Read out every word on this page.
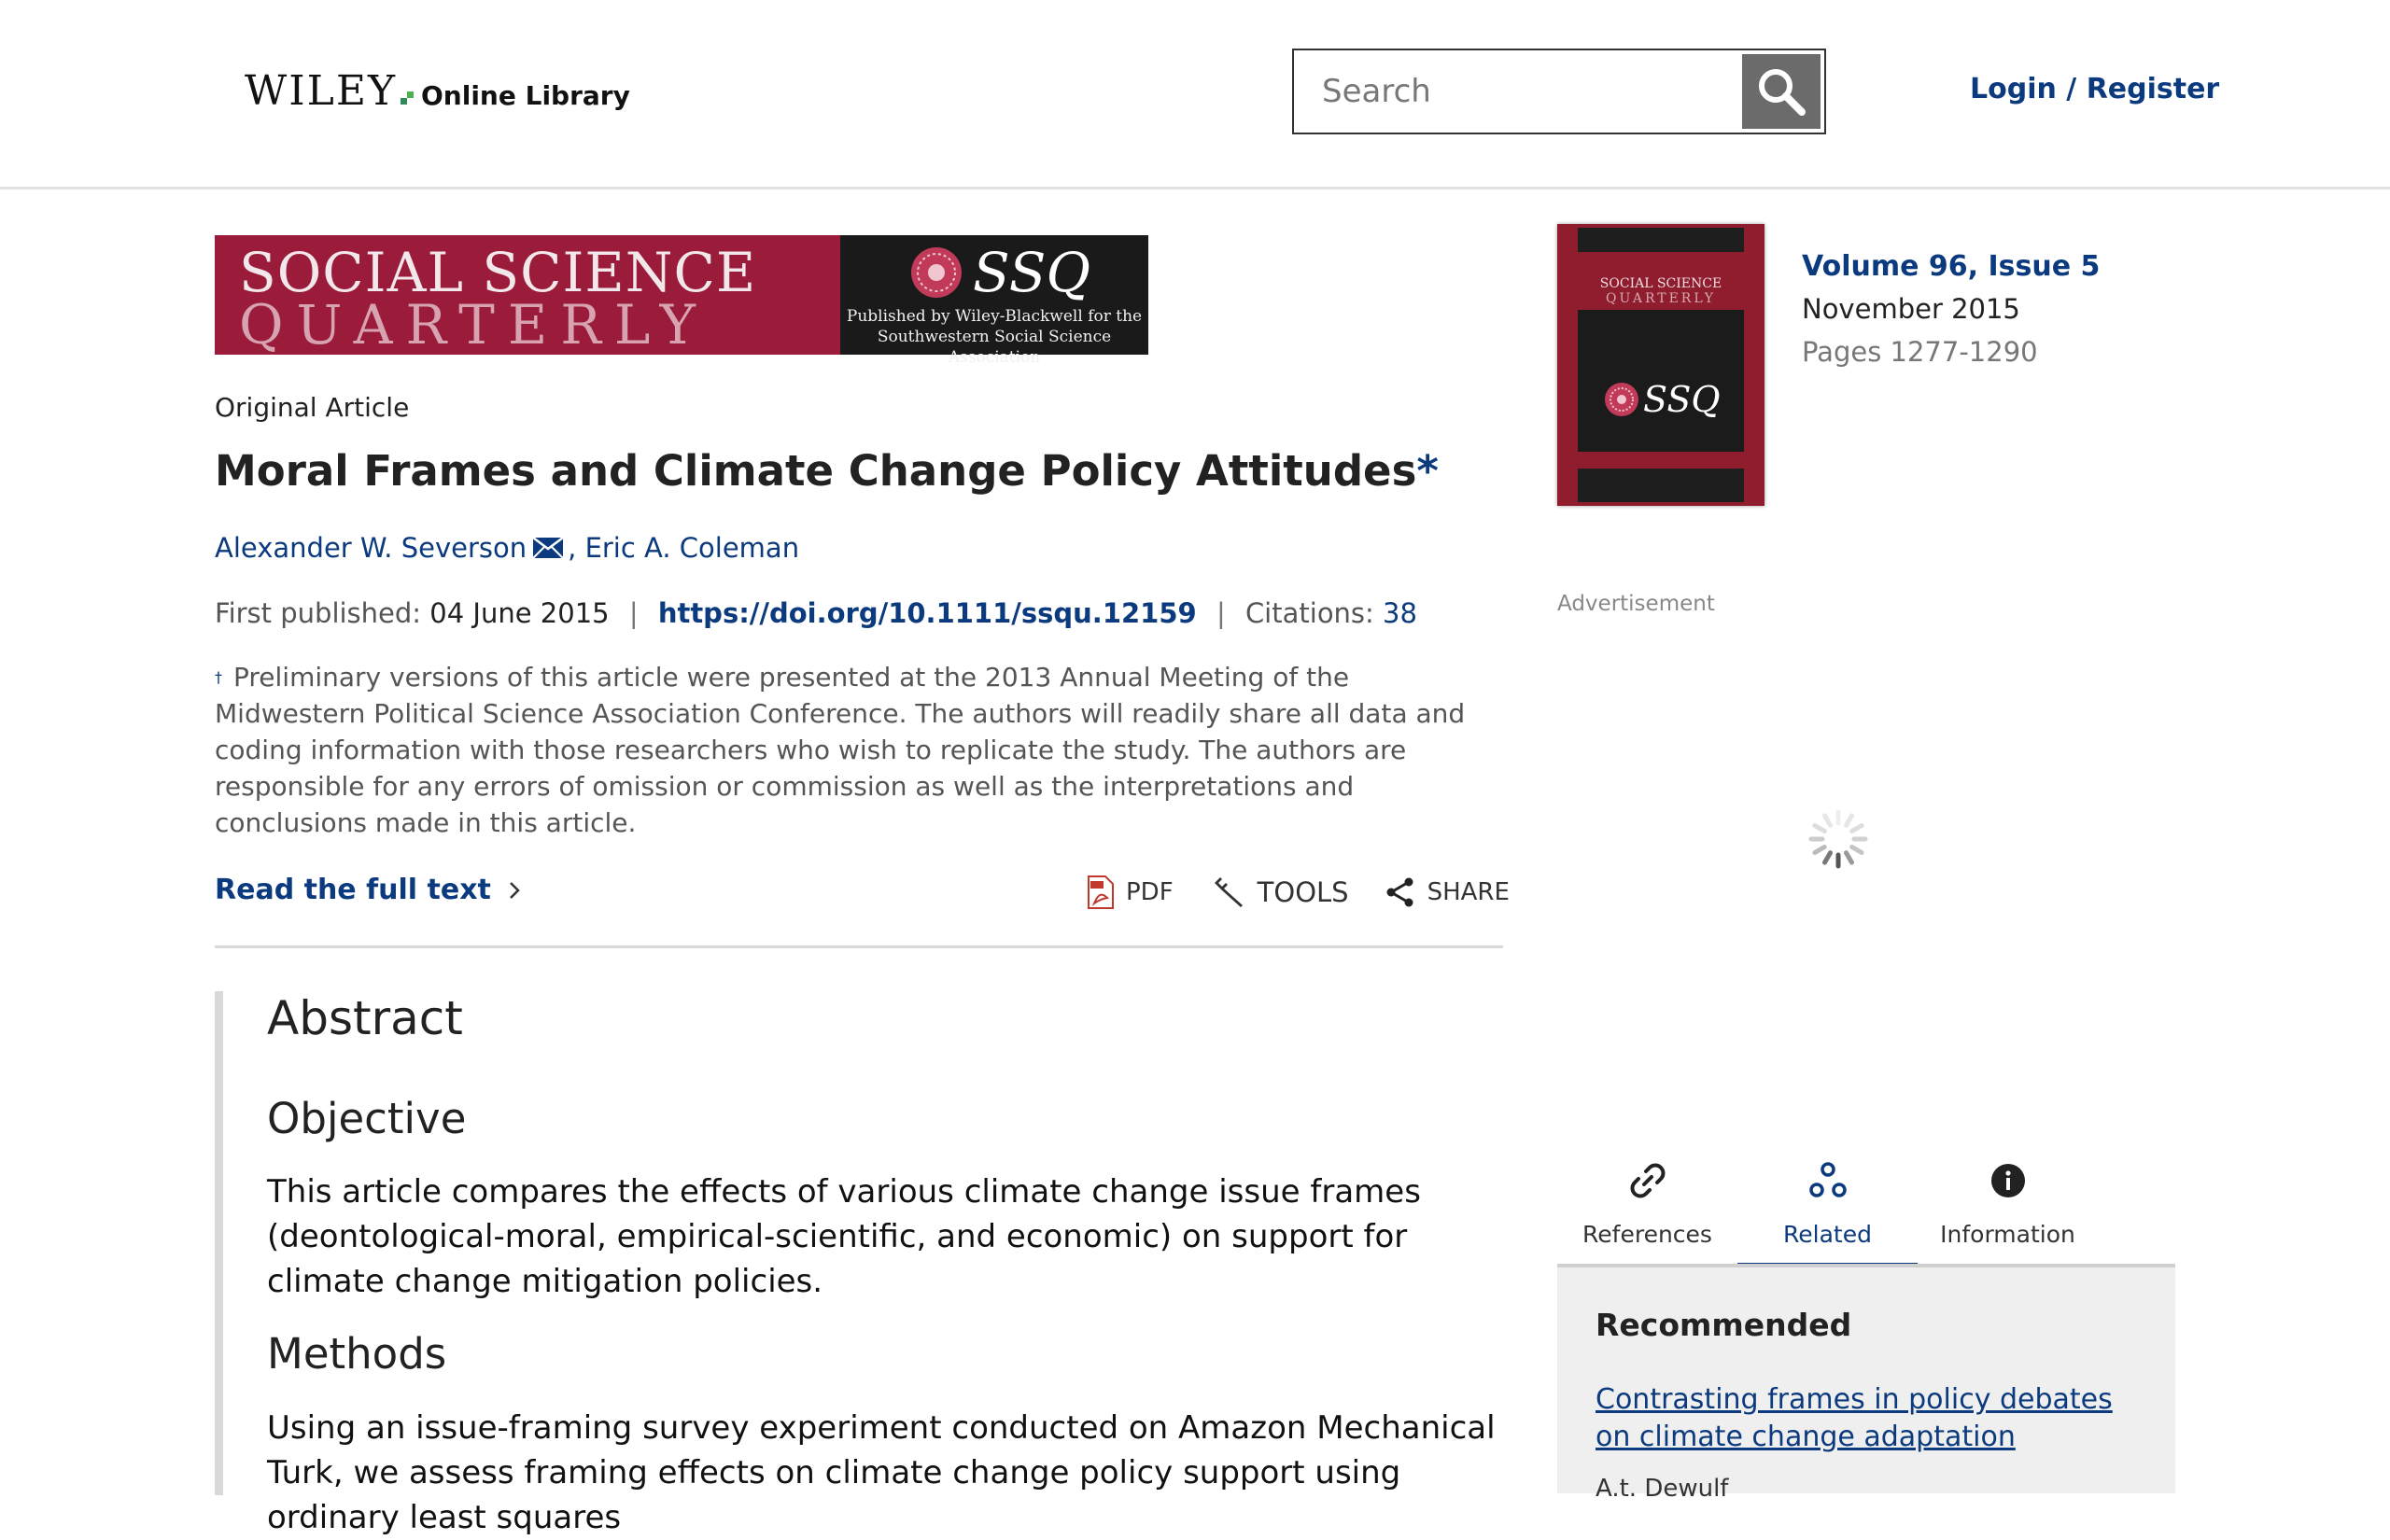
WILEY Online Library
Search	Login / Register
SOCIAL SCIENCE
QUARTERLY
SSQ
Published by Wiley-Blackwell for the
Southwestern Social Science Association
Original Article
Moral Frames and Climate Change Policy Attitudes*
Alexander W. Severson , Eric A. Coleman
First published: 04 June 2015 | https://doi.org/10.1111/ssqu.12159 | Citations: 38
† Preliminary versions of this article were presented at the 2013 Annual Meeting of the Midwestern Political Science Association Conference. The authors will readily share all data and coding information with those researchers who wish to replicate the study. The authors are responsible for any errors of omission or commission as well as the interpretations and conclusions made in this article.
Read the full text	PDF	TOOLS	SHARE
Abstract
Objective

This article compares the effects of various climate change issue frames (deontological-moral, empirical-scientific, and economic) on support for climate change mitigation policies.

Methods

Using an issue-framing survey experiment conducted on Amazon Mechanical Turk, we assess framing effects on climate change policy support using ordinary least squares

SOCIAL SCIENCE
QUARTERLY
SSQ
Volume 96, Issue 5
November 2015
Pages 1277-1290
Advertisement
References	Related	Information
Recommended
Contrasting frames in policy debates on climate change adaptation
A.t. Dewulf
